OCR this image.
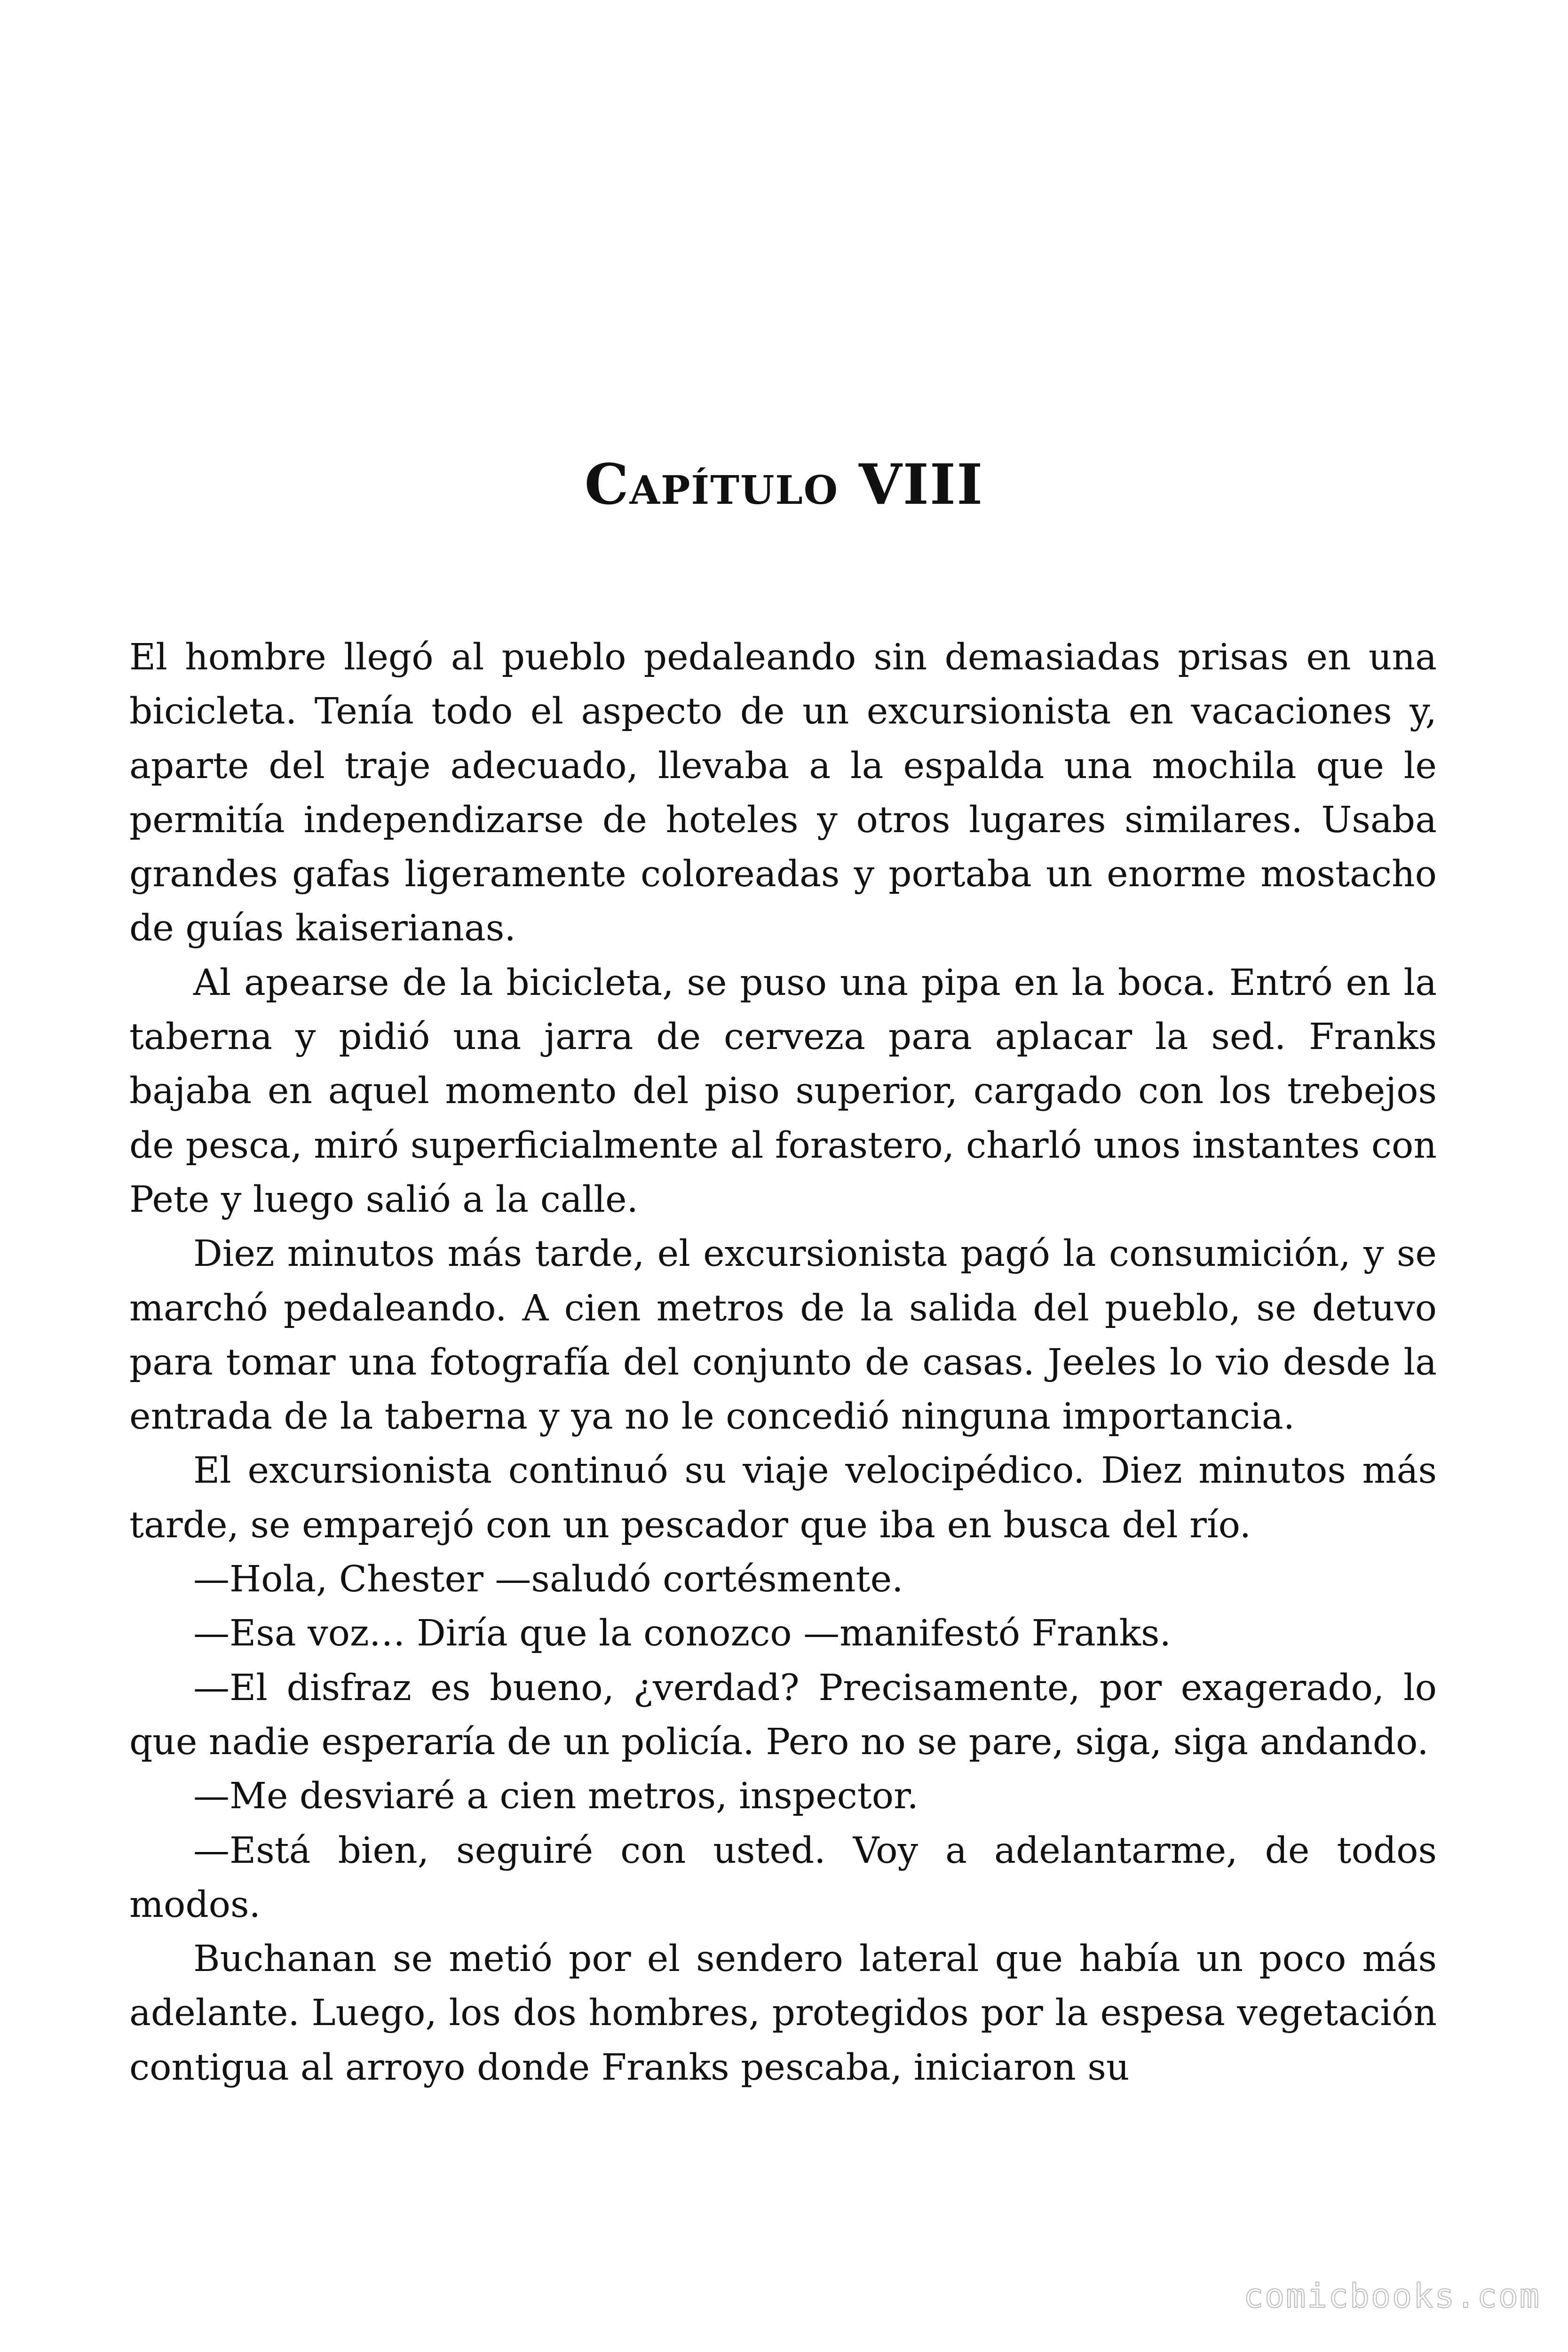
Capítulo VIII

El hombre llegó al pueblo pedaleando sin demasiadas prisas en una bicicleta. Tenía todo el aspecto de un excursionista en vacaciones y, aparte del traje adecuado, llevaba a la espalda una mochila que le permitía independizarse de hoteles y otros lugares similares. Usaba grandes gafas ligeramente coloreadas y portaba un enorme mostacho de guías kaiserianas.

Al apearse de la bicicleta, se puso una pipa en la boca. Entró en la taberna y pidió una jarra de cerveza para aplacar la sed. Franks bajaba en aquel momento del piso superior, cargado con los trebejos de pesca, miró superficialmente al forastero, charló unos instantes con Pete y luego salió a la calle.

Diez minutos más tarde, el excursionista pagó la consumición, y se marchó pedaleando. A cien metros de la salida del pueblo, se detuvo para tomar una fotografía del conjunto de casas. Jeeles lo vio desde la entrada de la taberna y ya no le concedió ninguna importancia.

El excursionista continuó su viaje velocipédico. Diez minutos más tarde, se emparejó con un pescador que iba en busca del río.

—Hola, Chester —saludó cortésmente.

—Esa voz… Diría que la conozco —manifestó Franks.

—El disfraz es bueno, ¿verdad? Precisamente, por exagerado, lo que nadie esperaría de un policía. Pero no se pare, siga, siga andando.

—Me desviaré a cien metros, inspector.

—Está bien, seguiré con usted. Voy a adelantarme, de todos modos.

Buchanan se metió por el sendero lateral que había un poco más adelante. Luego, los dos hombres, protegidos por la espesa vegetación contigua al arroyo donde Franks pescaba, iniciaron su

comicbooks.com
